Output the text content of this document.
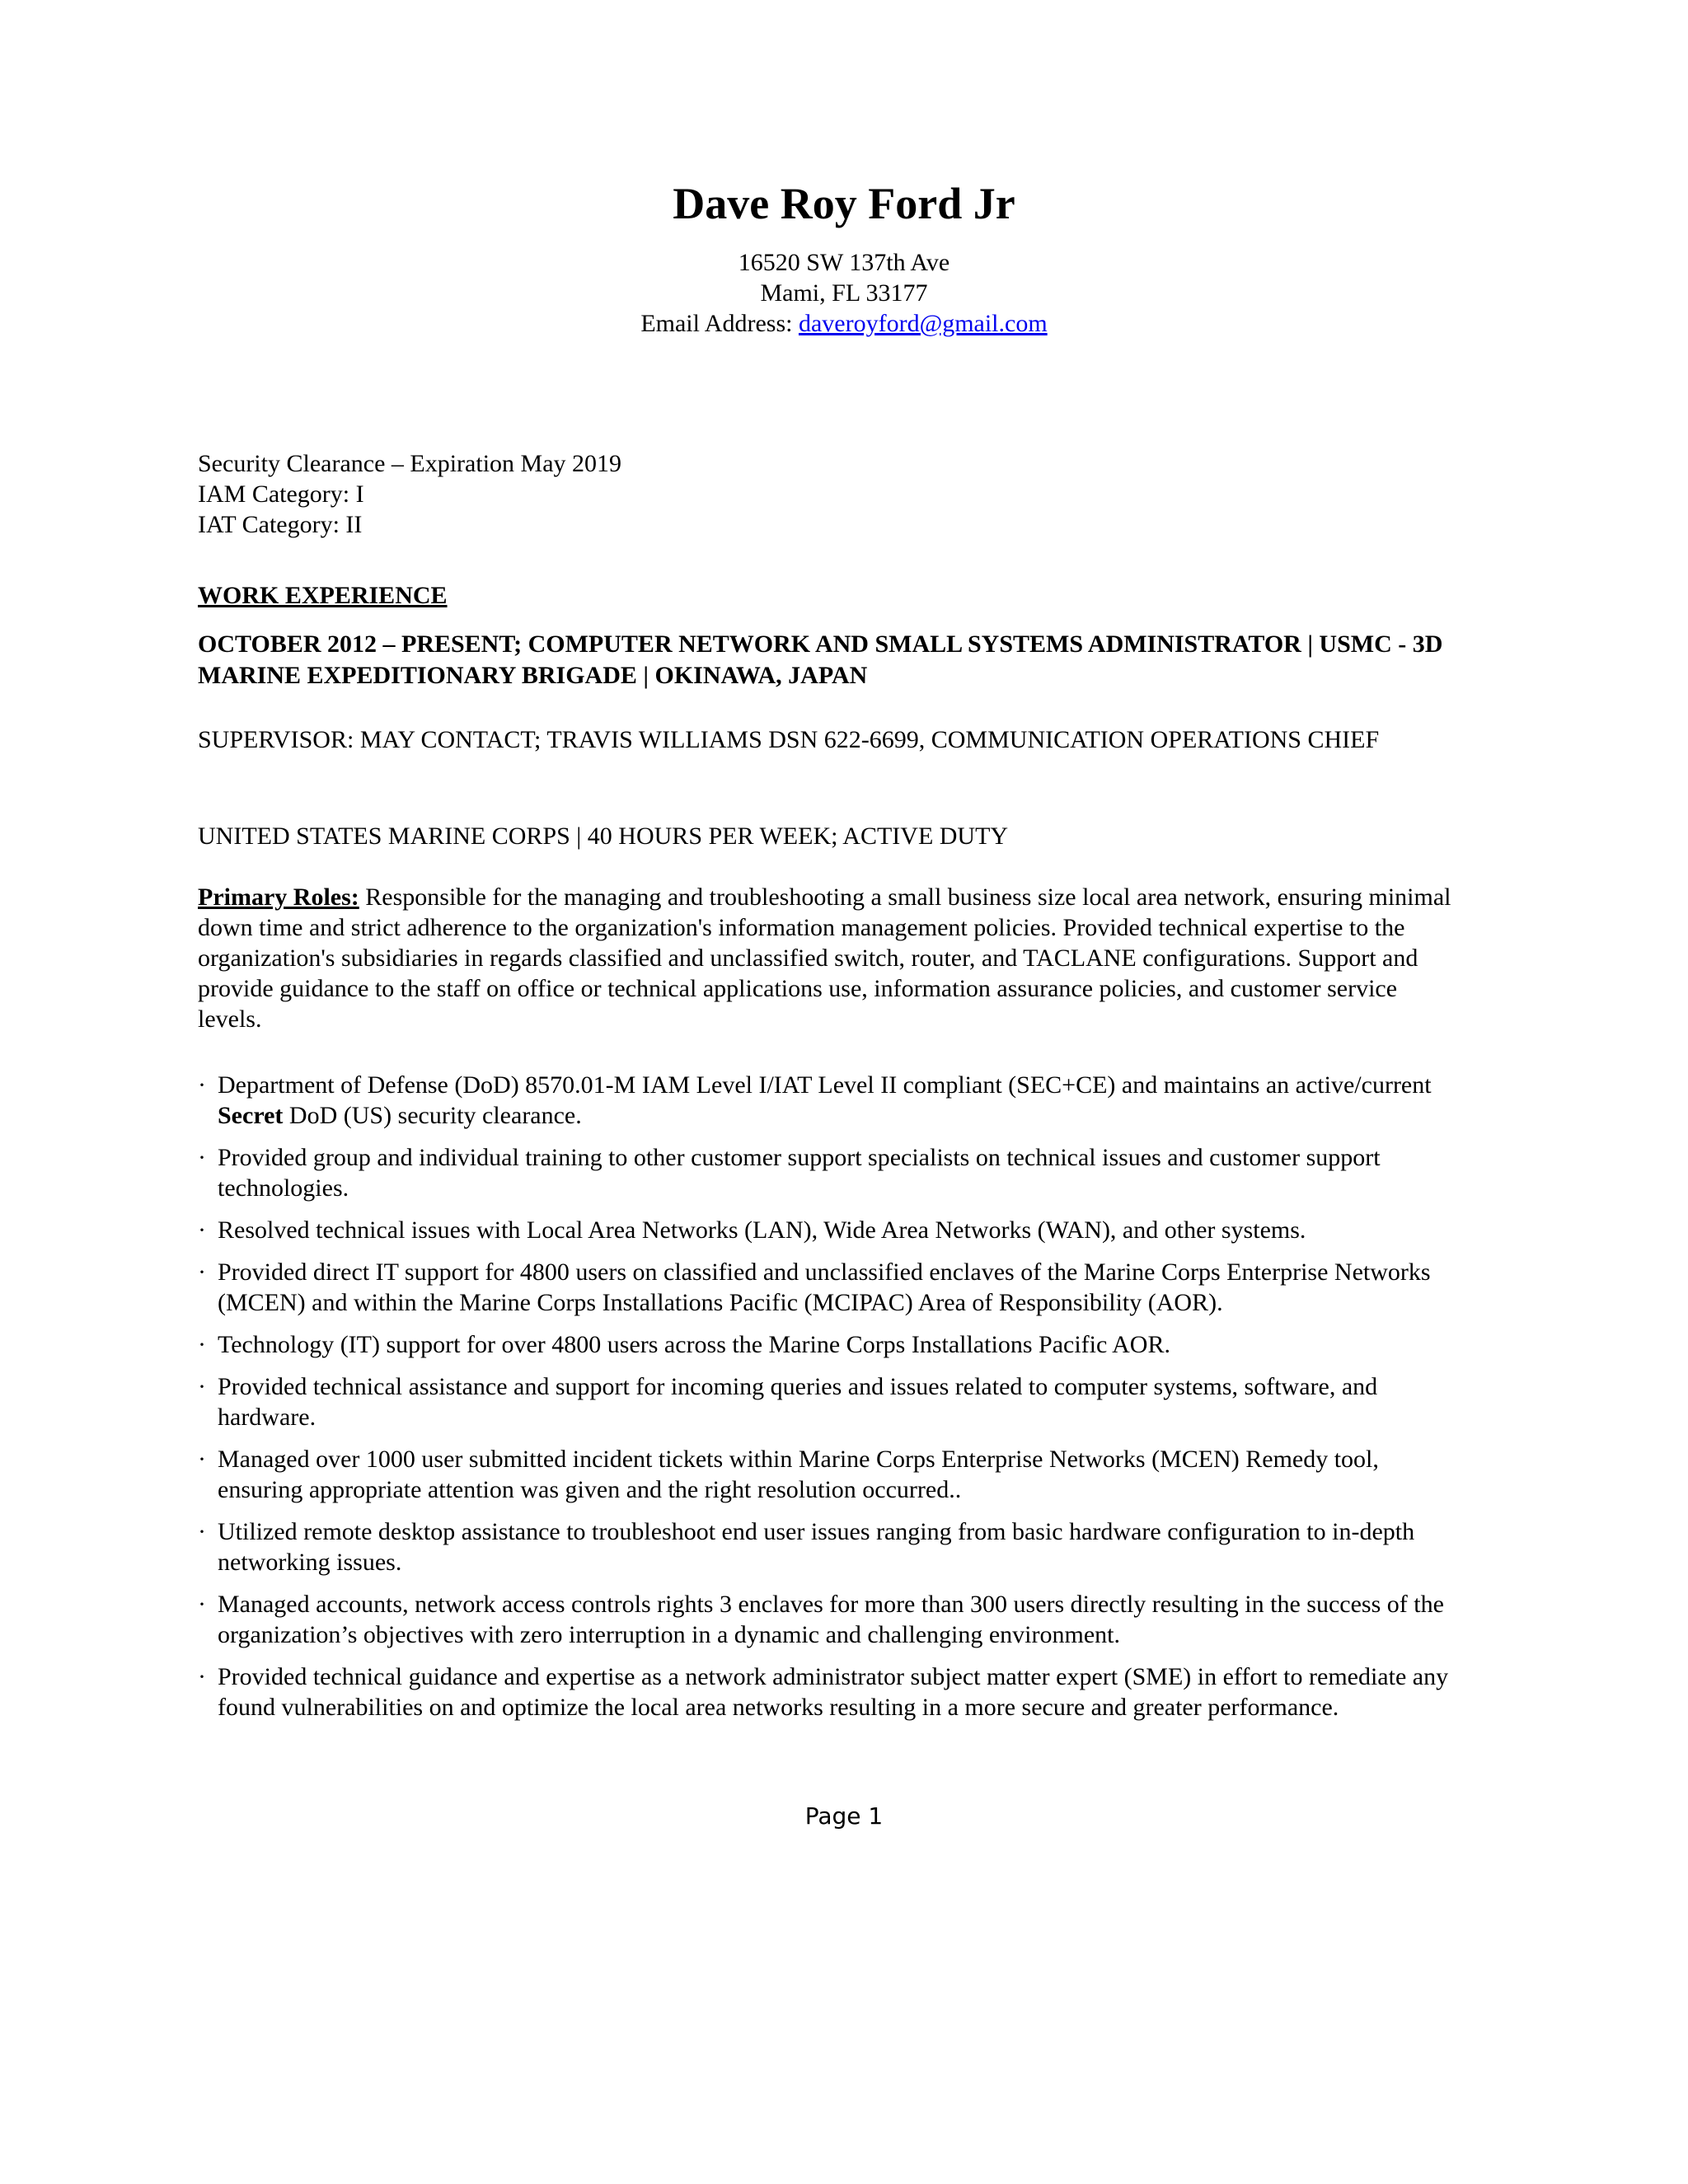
Dave Roy Ford Jr
16520 SW 137th Ave
Mami, FL 33177
Email Address: daveroyford@gmail.com
Security Clearance – Expiration May 2019
IAM Category: I
IAT Category: II
WORK EXPERIENCE
OCTOBER 2012 – PRESENT; COMPUTER NETWORK AND SMALL SYSTEMS ADMINISTRATOR | USMC - 3D MARINE EXPEDITIONARY BRIGADE | OKINAWA, JAPAN
SUPERVISOR: MAY CONTACT; TRAVIS WILLIAMS DSN 622-6699, COMMUNICATION OPERATIONS CHIEF
UNITED STATES MARINE CORPS | 40 HOURS PER WEEK; ACTIVE DUTY
Primary Roles: Responsible for the managing and troubleshooting a small business size local area network, ensuring minimal down time and strict adherence to the organization's information management policies. Provided technical expertise to the organization's subsidiaries in regards classified and unclassified switch, router, and TACLANE configurations. Support and provide guidance to the staff on office or technical applications use, information assurance policies, and customer service levels.
· Department of Defense (DoD) 8570.01-M IAM Level I/IAT Level II compliant (SEC+CE) and maintains an active/current Secret DoD (US) security clearance.
· Provided group and individual training to other customer support specialists on technical issues and customer support technologies.
· Resolved technical issues with Local Area Networks (LAN), Wide Area Networks (WAN), and other systems.
· Provided direct IT support for 4800 users on classified and unclassified enclaves of the Marine Corps Enterprise Networks (MCEN) and within the Marine Corps Installations Pacific (MCIPAC) Area of Responsibility (AOR).
· Technology (IT) support for over 4800 users across the Marine Corps Installations Pacific AOR.
· Provided technical assistance and support for incoming queries and issues related to computer systems, software, and hardware.
· Managed over 1000 user submitted incident tickets within Marine Corps Enterprise Networks (MCEN) Remedy tool, ensuring appropriate attention was given and the right resolution occurred..
· Utilized remote desktop assistance to troubleshoot end user issues ranging from basic hardware configuration to in-depth networking issues.
· Managed accounts, network access controls rights 3 enclaves for more than 300 users directly resulting in the success of the organization’s objectives with zero interruption in a dynamic and challenging environment.
· Provided technical guidance and expertise as a network administrator subject matter expert (SME) in effort to remediate any found vulnerabilities on and optimize the local area networks resulting in a more secure and greater performance.
Page 1
